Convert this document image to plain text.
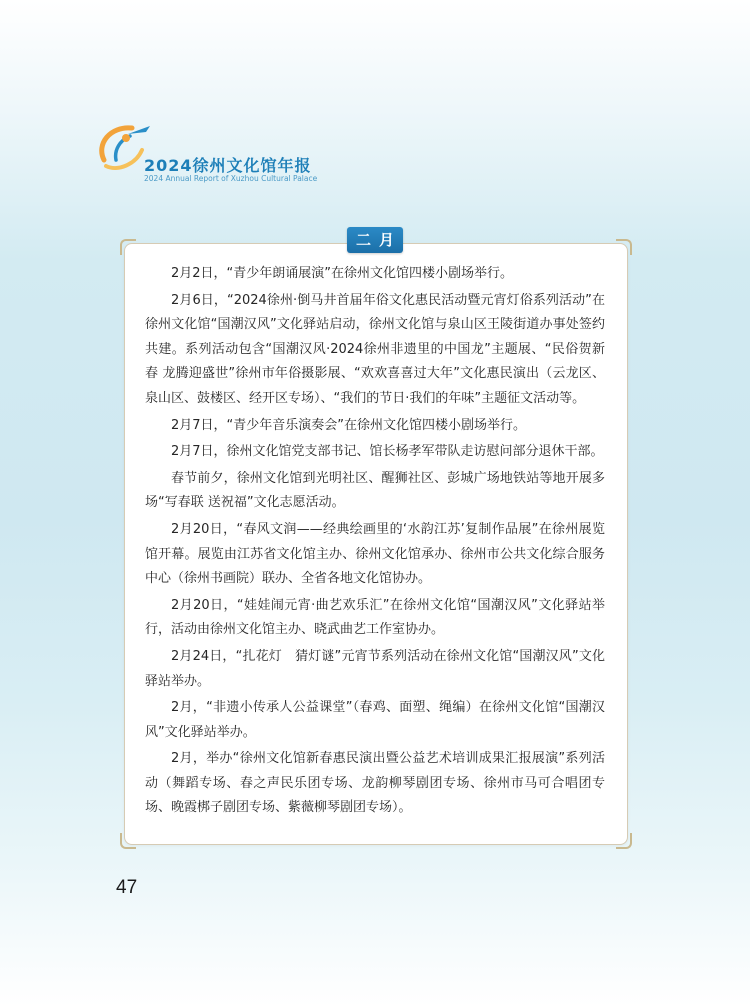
2024徐州文化馆年报
2024 Annual Report of Xuzhou Cultural Palace
二月

2月2日，“青少年朗诵展演”在徐州文化馆四楼小剧场举行。

2月6日，“2024徐州·倒马井首届年俗文化惠民活动暨元宵灯俗系列活动”在徐州文化馆“国潮汉风”文化驿站启动，徐州文化馆与泉山区王陵街道办事处签约共建。系列活动包含“国潮汉风·2024徐州非遗里的中国龙”主题展、“民俗贺新春 龙腾迎盛世”徐州市年俗摄影展、“欢欢喜喜过大年”文化惠民演出（云龙区、泉山区、鼓楼区、经开区专场）、“我们的节日·我们的年味”主题征文活动等。

2月7日，“青少年音乐演奏会”在徐州文化馆四楼小剧场举行。

2月7日，徐州文化馆党支部书记、馆长杨孝军带队走访慰问部分退休干部。

春节前夕，徐州文化馆到光明社区、醒狮社区、彭城广场地铁站等地开展多场“写春联 送祝福”文化志愿活动。

2月20日，“春风文润——经典绘画里的‘水韵江苏’复制作品展”在徐州展览馆开幕。展览由江苏省文化馆主办、徐州文化馆承办、徐州市公共文化综合服务中心（徐州书画院）联办、全省各地文化馆协办。

2月20日，“娃娃闹元宵·曲艺欢乐汇”在徐州文化馆“国潮汉风”文化驿站举行，活动由徐州文化馆主办、晓武曲艺工作室协办。

2月24日，“扎花灯　猜灯谜”元宵节系列活动在徐州文化馆“国潮汉风”文化驿站举办。

2月，“非遗小传承人公益课堂”（春鸡、面塑、绳编）在徐州文化馆“国潮汉风”文化驿站举办。

2月，举办“徐州文化馆新春惠民演出暨公益艺术培训成果汇报展演”系列活动（舞蹈专场、春之声民乐团专场、龙韵柳琴剧团专场、徐州市马可合唱团专场、晚霞梆子剧团专场、紫薇柳琴剧团专场）。

47
